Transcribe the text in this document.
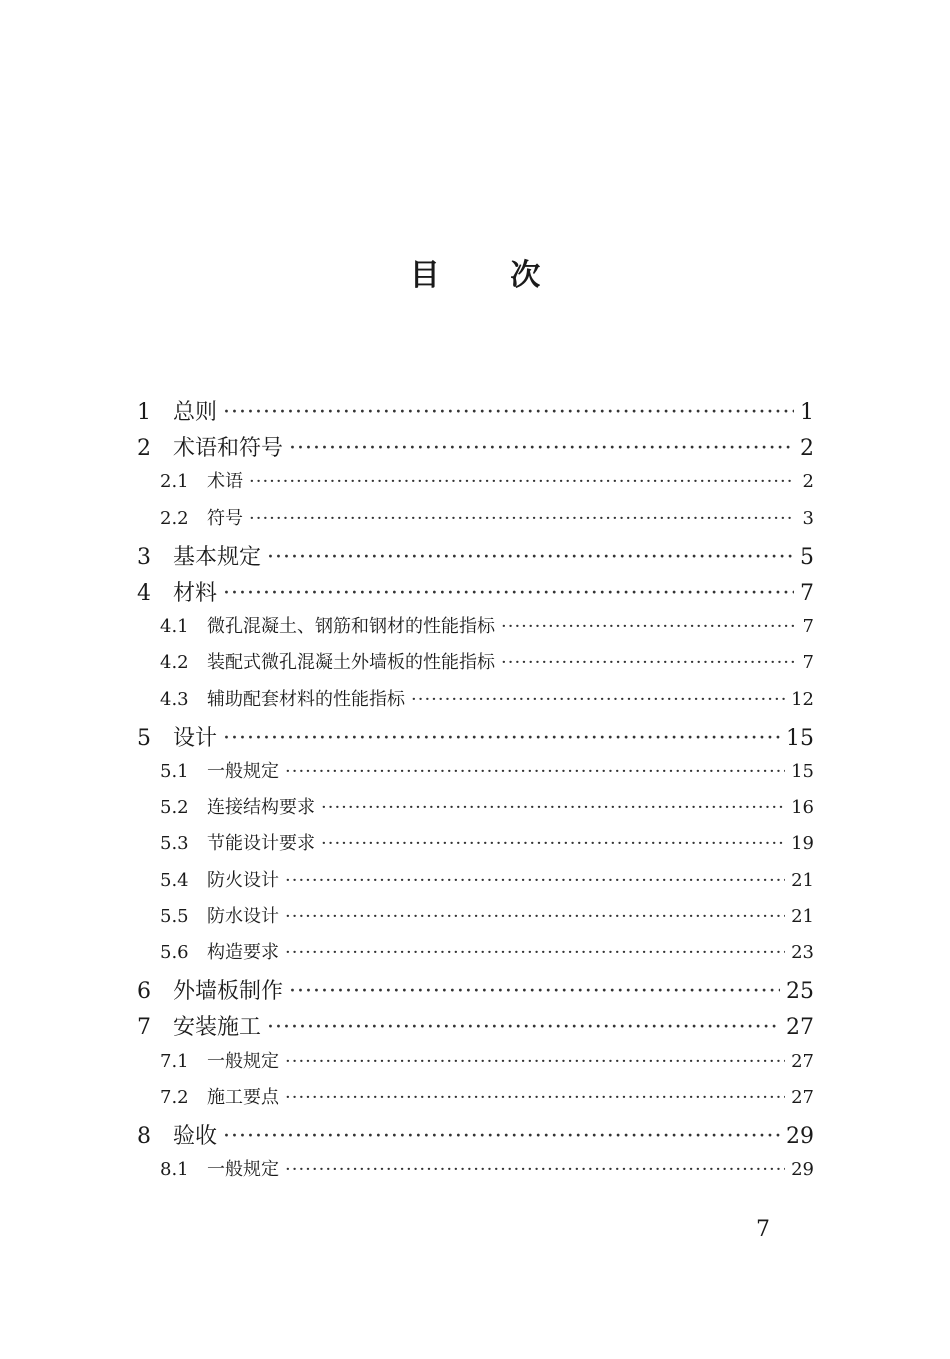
目 次
1	总则 ·····	1
2	术语和符号 ·····	2
2.1	术语 ·····	2
2.2	符号 ·····	3
3	基本规定 ·····	5
4	材料 ·····	7
4.1	微孔混凝土、钢筋和钢材的性能指标 ·····	7
4.2	装配式微孔混凝土外墙板的性能指标 ·····	7
4.3	辅助配套材料的性能指标 ·····	12
5	设计 ·····	15
5.1	一般规定 ·····	15
5.2	连接结构要求 ·····	16
5.3	节能设计要求 ·····	19
5.4	防火设计 ·····	21
5.5	防水设计 ·····	21
5.6	构造要求 ·····	23
6	外墙板制作 ·····	25
7	安装施工 ·····	27
7.1	一般规定 ·····	27
7.2	施工要点 ·····	27
8	验收 ·····	29
8.1	一般规定 ·····	29
7
